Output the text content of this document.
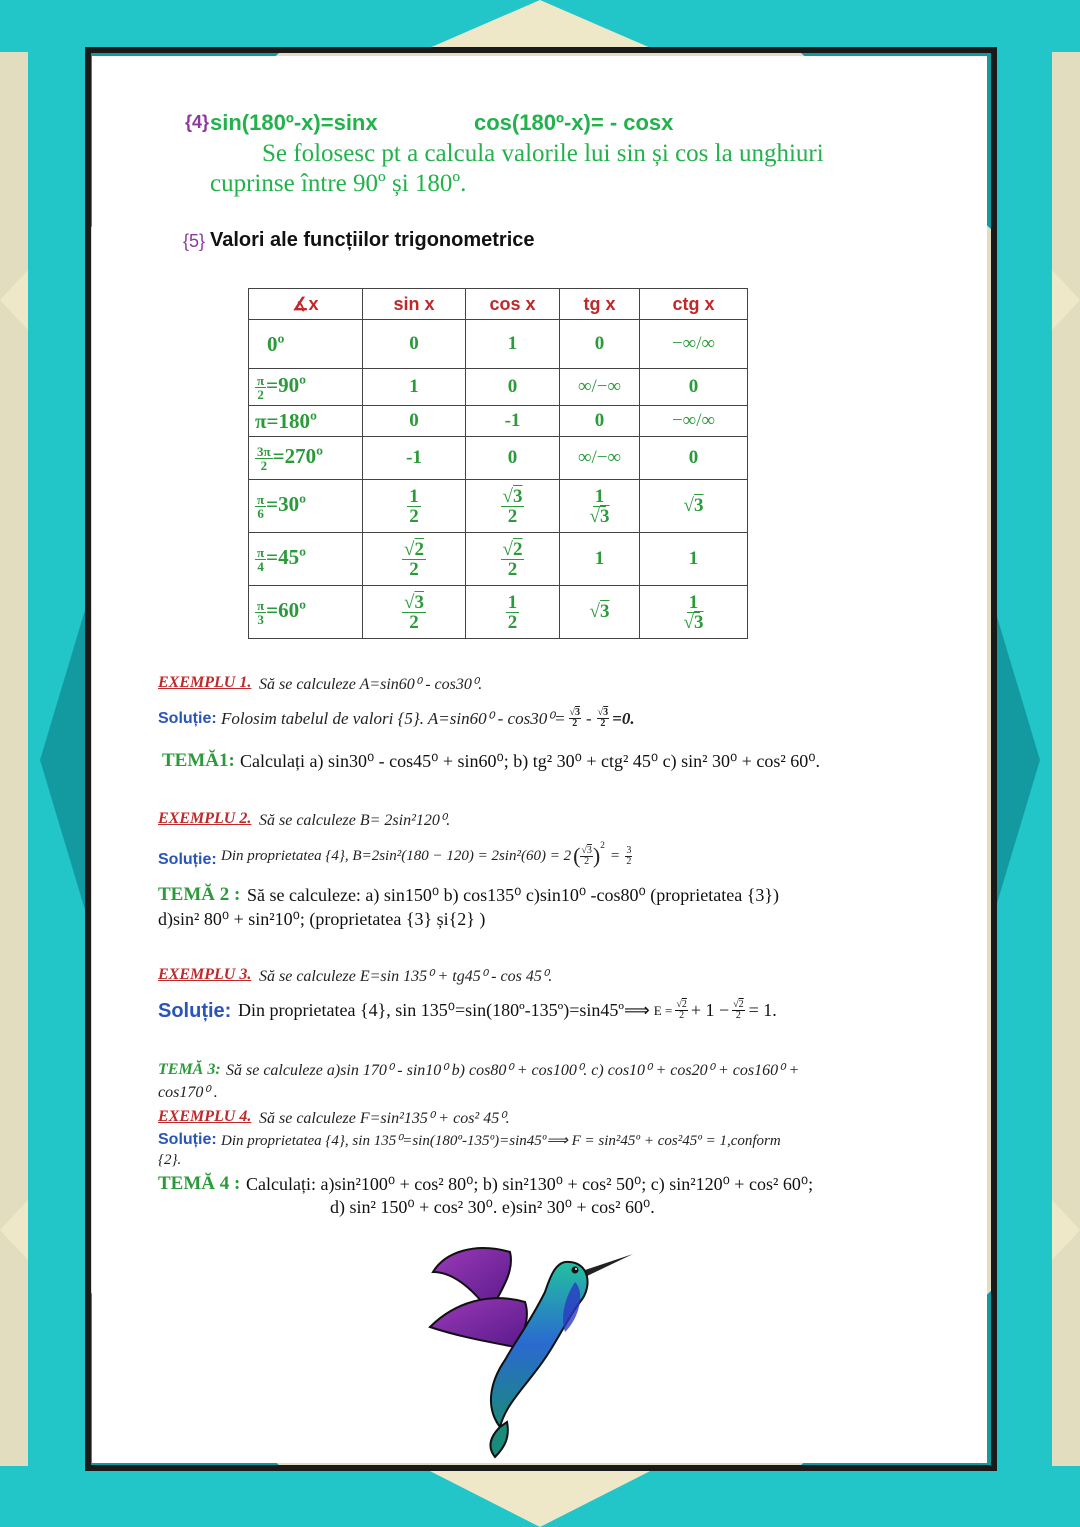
{4} sin(180º-x)=sinx	cos(180º-x)= - cosx
Se folosesc pt a calcula valorile lui sin și cos la unghiuri
cuprinse între 90º și 180º.
{5} Valori ale funcțiilor trigonometrice
∡x	sin x	cos x	tg x	ctg x
0º	0	1	0	−∞/∞

$\frac{\pi}{2}$ =90º	1	0	∞/−∞	0
π=180º	0	-1	0	−∞/∞

$\frac{3\pi}{2}$ =270º	-1	0	∞/−∞	0

$\frac{\pi}{6}$ =30º	$\frac{1}{2}$	$\frac{√3}{2}$	$\frac{1}{√3}$	√3

$\frac{\pi}{4}$ =45º	$\frac{√2}{2}$	$\frac{√2}{2}$	1	1

$\frac{\pi}{3}$ =60º	$\frac{√3}{2}$	$\frac{1}{2}$	√3	$\frac{1}{√3}$
EXEMPLU 1. Să se calculeze A=sin60⁰ - cos30⁰.
Soluție: Folosim tabelul de valori {5}. $A=\sin 60^0 - \cos 30^0= \frac{√3}{2} - \frac{√3}{2} =0$.
TEMĂ1: Calculați a) sin30⁰ - cos45⁰ + sin60⁰; b) tg² 30⁰ + ctg² 45⁰ c) sin² 30⁰ + cos² 60⁰.
EXEMPLU 2. Să se calculeze B= 2sin²120⁰.
Soluție: Din proprietatea {4}, B=2sin²(180 − 120) = 2sin²(60) = 2 ( √3
2 )$^2$
= $\frac{3}{2}$
TEMĂ 2 : Să se calculeze: a) sin150⁰ b) cos135⁰ c)sin10⁰ -cos80⁰ (proprietatea {3})
d)sin² 80⁰ + sin²10⁰; (proprietatea {3} și{2} )
EXEMPLU 3. Să se calculeze E=sin 135⁰ + tg45⁰ - cos 45⁰.
Soluție: Din proprietatea {4}, sin 135⁰=sin(180º-135º)=sin45º⟹ $E = \frac{√2}{2} + 1 - \frac{√2}{2} = 1$.
TEMĂ 3: Să se calculeze a)sin 170⁰ - sin10⁰ b) cos80⁰ + cos100⁰. c) cos10⁰ + cos20⁰ + cos160⁰ +
cos170⁰ .
EXEMPLU 4. Să se calculeze F=sin²135⁰ + cos² 45⁰.
Soluție: Din proprietatea {4}, sin 135⁰=sin(180º-135º)=sin45º⟹ F = sin²45º + cos²45º = 1,conform
{2}.
TEMĂ 4 : Calculați: a)sin²100⁰ + cos² 80⁰; b) sin²130⁰ + cos² 50⁰; c) sin²120⁰ + cos² 60⁰;
d) sin² 150⁰ + cos² 30⁰. e)sin² 30⁰ + cos² 60⁰.
